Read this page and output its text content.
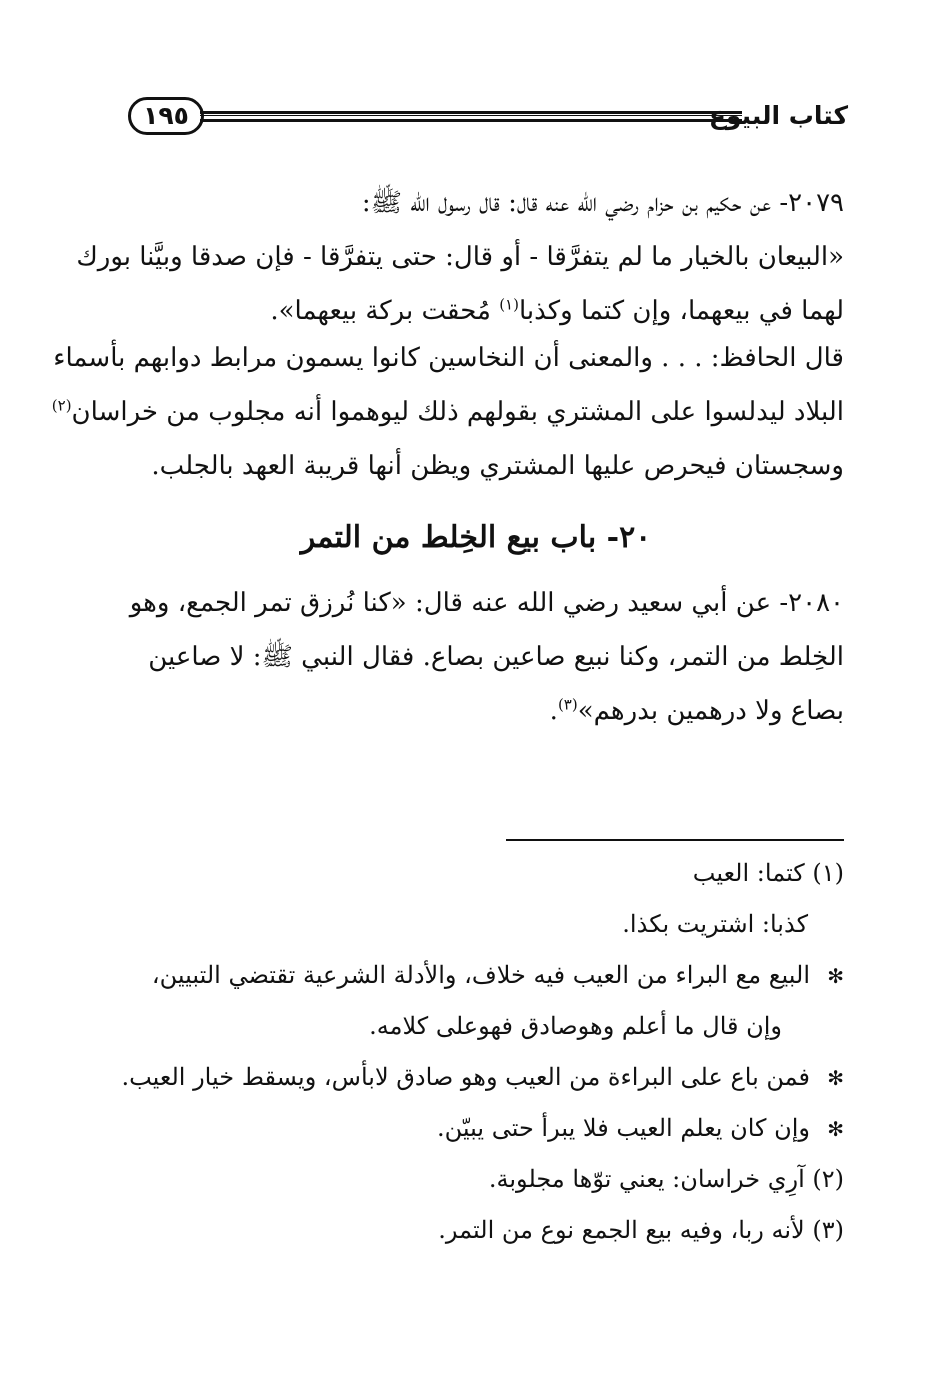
كتاب البيوع
١٩٥
٢٠٧٩- عن حكيم بن حزام رضي الله عنه قال: قال رسول الله ﷺ:
«البيعان بالخيار ما لم يتفرَّقا - أو قال: حتى يتفرَّقا - فإن صدقا وبيَّنا بورك
لهما في بيعهما، وإن كتما وكذبا$^{(١)}$ مُحقت بركة بيعهما».
قال الحافظ: . . . والمعنى أن النخاسين كانوا يسمون مرابط دوابهم بأسماء
البلاد ليدلسوا على المشتري بقولهم ذلك ليوهموا أنه مجلوب من خراسان$^{(٢)}$
وسجستان فيحرص عليها المشتري ويظن أنها قريبة العهد بالجلب.
٢٠- باب بيع الخِلط من التمر
٢٠٨٠- عن أبي سعيد رضي الله عنه قال: «كنا نُرزق تمر الجمع، وهو
الخِلط من التمر، وكنا نبيع صاعين بصاع. فقال النبي ﷺ: لا صاعين
بصاع ولا درهمين بدرهم»$^{(٣)}$.
(١) كتما: العيب
كذبا: اشتريت بكذا.
✻البيع مع البراء من العيب فيه خلاف، والأدلة الشرعية تقتضي التبيين،
وإن قال ما أعلم وهوصادق فهوعلى كلامه.
✻فمن باع على البراءة من العيب وهو صادق لابأس، ويسقط خيار العيب.
✻وإن كان يعلم العيب فلا يبرأ حتى يبيّن.
(٢) آرِي خراسان: يعني توّها مجلوبة.
(٣) لأنه ربا، وفيه بيع الجمع نوع من التمر.
